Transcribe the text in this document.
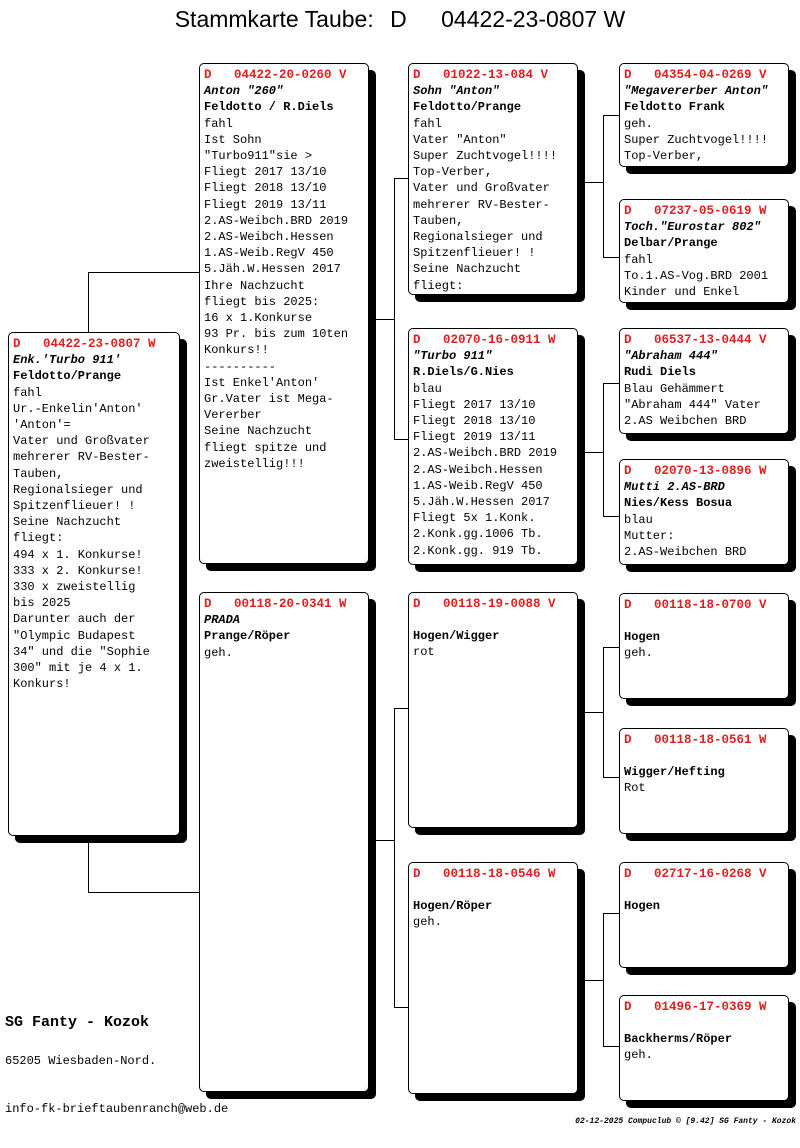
Stammkarte Taube: D 04422-23-0807 W
D   04422-23-0807 W
Enk.'Turbo 911'
Feldotto/Prange
fahl
Ur.-Enkelin'Anton'
'Anton'=
Vater und Großvater
mehrerer RV-Bester-
Tauben,
Regionalsieger und
Spitzenflieuer! !
Seine Nachzucht
fliegt:
494 x 1. Konkurse!
333 x 2. Konkurse!
330 x zweistellig
bis 2025
Darunter auch der
"Olympic Budapest
34" und die "Sophie
300" mit je 4 x 1.
Konkurs!
D   04422-20-0260 V
Anton "260"
Feldotto / R.Diels
fahl
Ist Sohn
"Turbo911"sie >
Fliegt 2017 13/10
Fliegt 2018 13/10
Fliegt 2019 13/11
2.AS-Weibch.BRD 2019
2.AS-Weibch.Hessen
1.AS-Weib.RegV 450
5.Jäh.W.Hessen 2017
Ihre Nachzucht
fliegt bis 2025:
16 x 1.Konkurse
93 Pr. bis zum 10ten
Konkurs!!
----------
Ist Enkel'Anton'
Gr.Vater ist Mega-
Vererber
Seine Nachzucht
fliegt spitze und
zweistellig!!!
D   00118-20-0341 W
PRADA
Prange/Röper
geh.
D   01022-13-084 V
Sohn "Anton"
Feldotto/Prange
fahl
Vater "Anton"
Super Zuchtvogel!!!!
Top-Verber,
Vater und Großvater
mehrerer RV-Bester-
Tauben,
Regionalsieger und
Spitzenflieuer! !
Seine Nachzucht
fliegt:
D   02070-16-0911 W
"Turbo 911"
R.Diels/G.Nies
blau
Fliegt 2017 13/10
Fliegt 2018 13/10
Fliegt 2019 13/11
2.AS-Weibch.BRD 2019
2.AS-Weibch.Hessen
1.AS-Weib.RegV 450
5.Jäh.W.Hessen 2017
Fliegt 5x 1.Konk.
2.Konk.gg.1006 Tb.
2.Konk.gg. 919 Tb.
D   00118-19-0088 V
Hogen/Wigger
rot
D   00118-18-0546 W
Hogen/Röper
geh.
D   04354-04-0269 V
"Megavererber Anton"
Feldotto Frank
geh.
Super Zuchtvogel!!!!
Top-Verber,
D   07237-05-0619 W
Toch."Eurostar 802"
Delbar/Prange
fahl
To.1.AS-Vog.BRD 2001
Kinder und Enkel
D   06537-13-0444 V
"Abraham 444"
Rudi Diels
Blau Gehämmert
"Abraham 444" Vater
2.AS Weibchen BRD
D   02070-13-0896 W
Mutti 2.AS-BRD
Nies/Kess Bosua
blau
Mutter:
2.AS-Weibchen BRD
D   00118-18-0700 V
Hogen
geh.
D   00118-18-0561 W
Wigger/Hefting
Rot
D   02717-16-0268 V
Hogen
D   01496-17-0369 W
Backherms/Röper
geh.
SG Fanty - Kozok
65205 Wiesbaden-Nord.
info-fk-brieftaubenranch@web.de
02-12-2025 Compuclub © [9.42] SG Fanty - Kozok
